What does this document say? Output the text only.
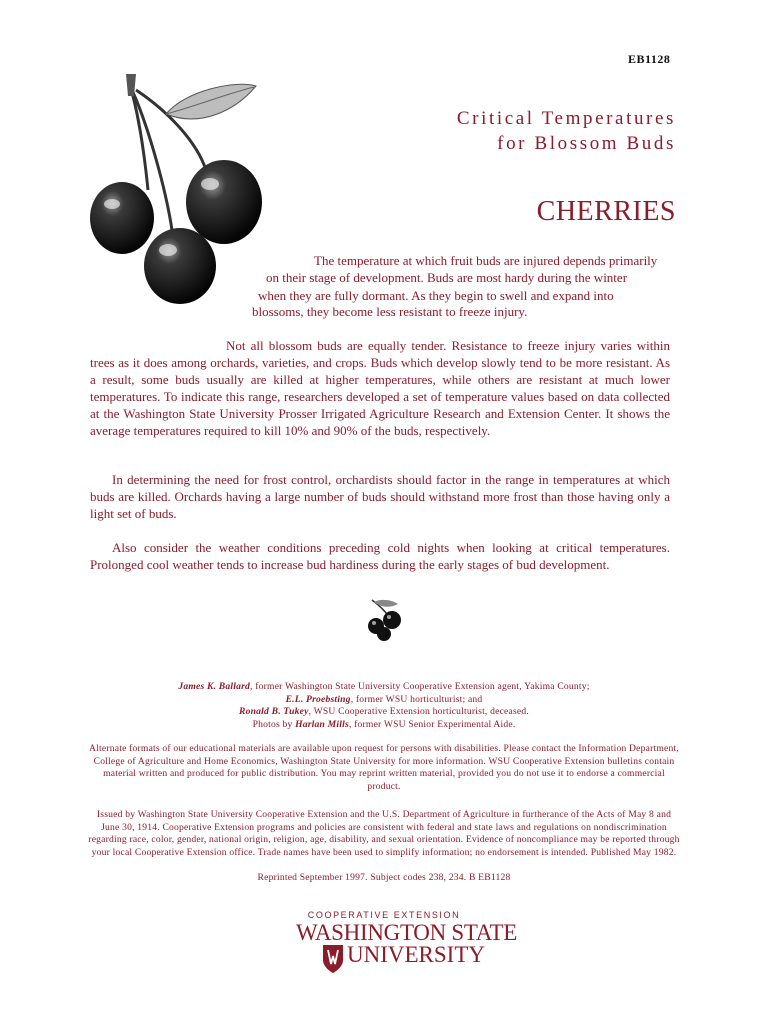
EB1128
Critical Temperatures
for Blossom Buds
CHERRIES
The temperature at which fruit buds are injured depends primarily
on their stage of development. Buds are most hardy during the winter
when they are fully dormant. As they begin to swell and expand into
blossoms, they become less resistant to freeze injury.

Not all blossom buds are equally tender. Resistance to freeze injury varies within trees as it does among orchards, varieties, and crops. Buds which develop slowly tend to be more resistant. As a result, some buds usually are killed at higher temperatures, while others are resistant at much lower temperatures. To indicate this range, researchers developed a set of temperature values based on data collected at the Washington State University Prosser Irrigated Agriculture Research and Extension Center. It shows the average temperatures required to kill 10% and 90% of the buds, respectively.

In determining the need for frost control, orchardists should factor in the range in temperatures at which buds are killed. Orchards having a large number of buds should withstand more frost than those having only a light set of buds.

Also consider the weather conditions preceding cold nights when looking at critical temperatures. Prolonged cool weather tends to increase bud hardiness during the early stages of bud development.

James K. Ballard, former Washington State University Cooperative Extension agent, Yakima County;
E.L. Proebsting, former WSU horticulturist; and
Ronald B. Tukey, WSU Cooperative Extension horticulturist, deceased.
Photos by Harlan Mills, former WSU Senior Experimental Aide.
Alternate formats of our educational materials are available upon request for persons with disabilities. Please contact the Information Department, College of Agriculture and Home Economics, Washington State University for more information. WSU Cooperative Extension bulletins contain material written and produced for public distribution. You may reprint written material, provided you do not use it to endorse a commercial product.
Issued by Washington State University Cooperative Extension and the U.S. Department of Agriculture in furtherance of the Acts of May 8 and June 30, 1914. Cooperative Extension programs and policies are consistent with federal and state laws and regulations on nondiscrimination regarding race, color, gender, national origin, religion, age, disability, and sexual orientation. Evidence of noncompliance may be reported through your local Cooperative Extension office. Trade names have been used to simplify information; no endorsement is intended. Published May 1982.
Reprinted September 1997. Subject codes 238, 234. B EB1128
COOPERATIVE EXTENSION
WASHINGTON STATE
UNIVERSITY
